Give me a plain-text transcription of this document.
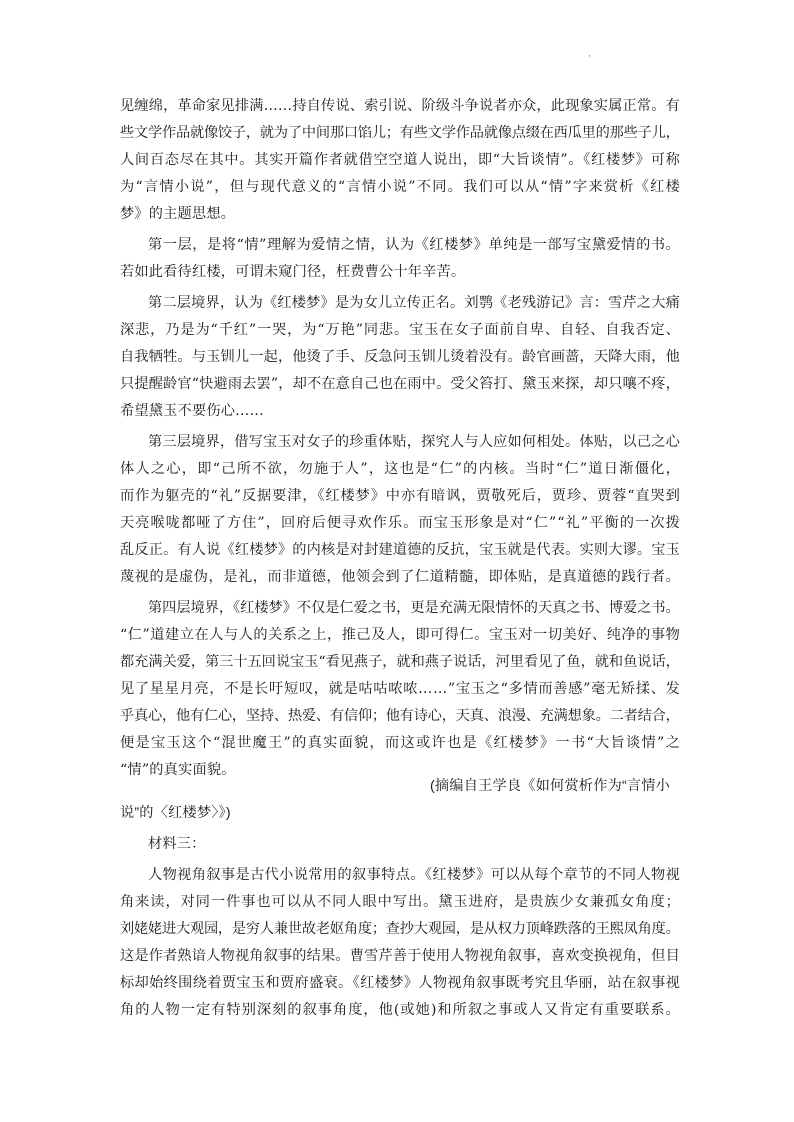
·
见缠绵，革命家见排满……持自传说、索引说、阶级斗争说者亦众，此现象实属正常。有
些文学作品就像饺子，就为了中间那口馅儿；有些文学作品就像点缀在西瓜里的那些子儿，
人间百态尽在其中。其实开篇作者就借空空道人说出，即“大旨谈情”。《红楼梦》可称
为“言情小说”，但与现代意义的“言情小说”不同。我们可以从“情”字来赏析《红楼
梦》的主题思想。
第一层，是将“情”理解为爱情之情，认为《红楼梦》单纯是一部写宝黛爱情的书。
若如此看待红楼，可谓未窥门径，枉费曹公十年辛苦。
第二层境界，认为《红楼梦》是为女儿立传正名。刘鹗《老残游记》言：雪芹之大痛
深悲，乃是为“千红”一哭，为“万艳”同悲。宝玉在女子面前自卑、自轻、自我否定、
自我牺牲。与玉钏儿一起，他烫了手、反急问玉钏儿烫着没有。龄官画蔷，天降大雨，他
只提醒龄官“快避雨去罢”，却不在意自己也在雨中。受父笞打、黛玉来探，却只嚷不疼，
希望黛玉不要伤心……
第三层境界，借写宝玉对女子的珍重体贴，探究人与人应如何相处。体贴，以己之心
体人之心，即“己所不欲，勿施于人”，这也是“仁”的内核。当时“仁”道日渐僵化，
而作为躯壳的“礼”反据要津，《红楼梦》中亦有暗讽，贾敬死后，贾珍、贾蓉“直哭到
天亮喉咙都哑了方住”，回府后便寻欢作乐。而宝玉形象是对“仁”“礼”平衡的一次拨
乱反正。有人说《红楼梦》的内核是对封建道德的反抗，宝玉就是代表。实则大谬。宝玉
蔑视的是虚伪，是礼，而非道德，他领会到了仁道精髓，即体贴，是真道德的践行者。
第四层境界，《红楼梦》不仅是仁爱之书，更是充满无限情怀的天真之书、博爱之书。
“仁”道建立在人与人的关系之上，推己及人，即可得仁。宝玉对一切美好、纯净的事物
都充满关爱，第三十五回说宝玉“看见燕子，就和燕子说话，河里看见了鱼，就和鱼说话，
见了星星月亮，不是长吁短叹，就是咕咕哝哝……”宝玉之“多情而善感”毫无矫揉、发
乎真心，他有仁心，坚持、热爱、有信仰；他有诗心，天真、浪漫、充满想象。二者结合，
便是宝玉这个“混世魔王”的真实面貌，而这或许也是《红楼梦》一书“大旨谈情”之
“情”的真实面貌。
(摘编自王学良《如何赏析作为“言情小
说”的〈红楼梦〉》)
材料三：
人物视角叙事是古代小说常用的叙事特点。《红楼梦》可以从每个章节的不同人物视
角来读，对同一件事也可以从不同人眼中写出。黛玉进府，是贵族少女兼孤女角度；
刘姥姥进大观园，是穷人兼世故老妪角度；查抄大观园，是从权力顶峰跌落的王熙凤角度。
这是作者熟谙人物视角叙事的结果。曹雪芹善于使用人物视角叙事，喜欢变换视角，但目
标却始终围绕着贾宝玉和贾府盛衰。《红楼梦》人物视角叙事既考究且华丽，站在叙事视
角的人物一定有特别深刻的叙事角度，他(或她)和所叙之事或人又肯定有重要联系。
